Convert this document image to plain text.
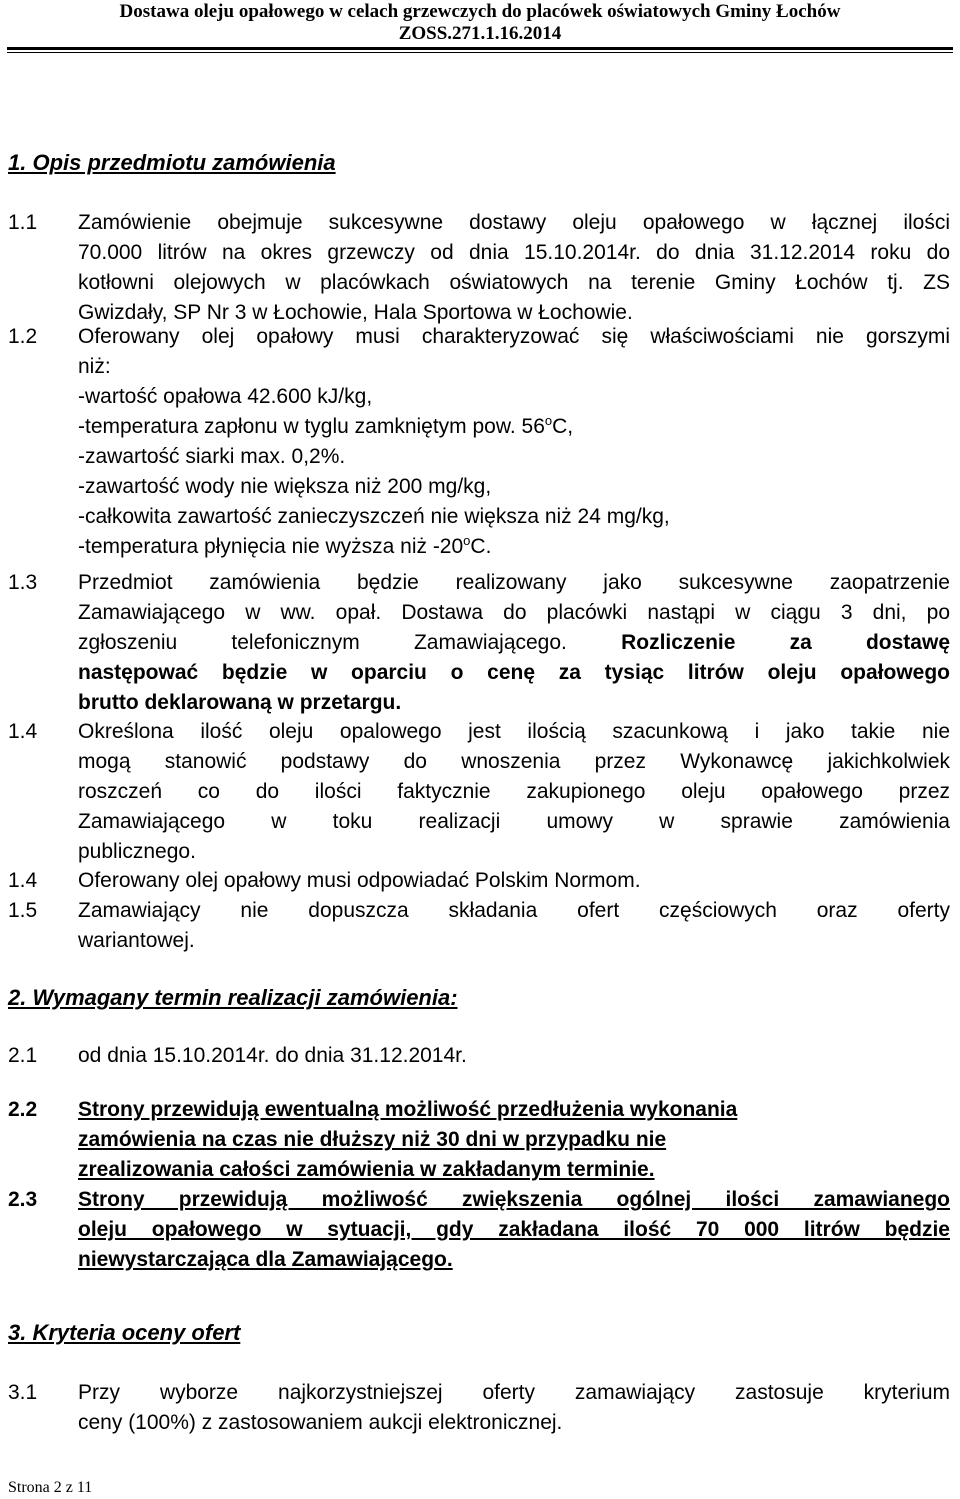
Dostawa oleju opałowego w celach grzewczych do placówek oświatowych Gminy Łochów
ZOSS.271.1.16.2014
1. Opis przedmiotu zamówienia
1.1 Zamówienie obejmuje sukcesywne dostawy oleju opałowego w łącznej ilości
70.000 litrów na okres grzewczy od dnia 15.10.2014r. do dnia 31.12.2014 roku do
kotłowni olejowych w placówkach oświatowych na terenie Gminy Łochów tj. ZS
Gwizdały, SP Nr 3 w Łochowie, Hala Sportowa w Łochowie.
1.2 Oferowany olej opałowy musi charakteryzować się właściwościami nie gorszymi
niż:
-wartość opałowa 42.600 kJ/kg,
-temperatura zapłonu w tyglu zamkniętym pow. 56$^o$C,
-zawartość siarki max. 0,2%.
-zawartość wody nie większa niż 200 mg/kg,
-całkowita zawartość zanieczyszczeń nie większa niż 24 mg/kg,
-temperatura płynięcia nie wyższa niż -20$^o$C.
1.3 Przedmiot zamówienia będzie realizowany jako sukcesywne zaopatrzenie
Zamawiającego w ww. opał. Dostawa do placówki nastąpi w ciągu 3 dni, po
zgłoszeniu telefonicznym Zamawiającego.	Rozliczenie za dostawę
następować będzie w oparciu o cenę za tysiąc litrów oleju opałowego
brutto deklarowaną w przetargu.
1.4 Określona ilość oleju opalowego jest ilością szacunkową i jako takie nie
mogą stanowić podstawy do wnoszenia przez Wykonawcę jakichkolwiek
roszczeń co do ilości faktycznie zakupionego oleju opałowego przez
Zamawiającego w toku realizacji umowy w sprawie zamówienia
publicznego.
1.4 Oferowany olej opałowy musi odpowiadać Polskim Normom.
1.5 Zamawiający nie dopuszcza składania ofert częściowych oraz oferty
wariantowej.
2. Wymagany termin realizacji zamówienia:
2.1 od dnia 15.10.2014r. do dnia 31.12.2014r.
2.2 Strony przewidują ewentualną możliwość przedłużenia wykonania
zamówienia na czas nie dłuższy niż 30 dni w przypadku nie
zrealizowania całości zamówienia w zakładanym terminie.
2.3 Strony przewidują możliwość zwiększenia ogólnej ilości zamawianego
oleju opałowego w sytuacji, gdy zakładana ilość 70 000 litrów będzie
niewystarczająca dla Zamawiającego.
3. Kryteria oceny ofert
3.1 Przy wyborze najkorzystniejszej oferty zamawiający zastosuje kryterium
ceny (100%) z zastosowaniem aukcji elektronicznej.
Strona 2 z 11
